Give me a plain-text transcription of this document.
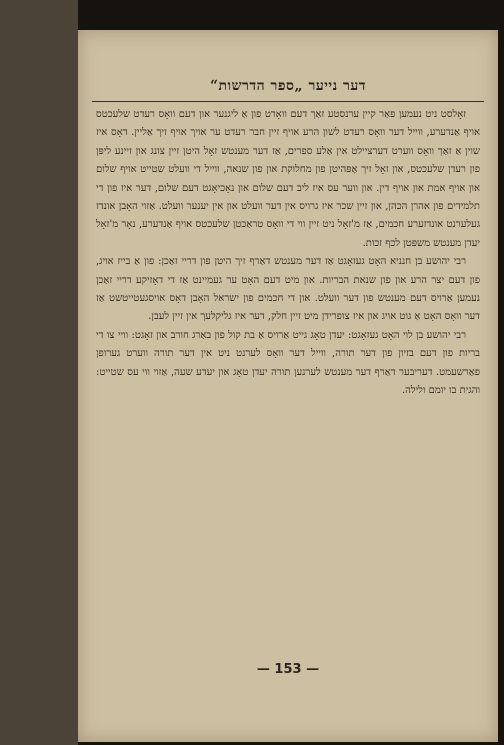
דער נייער „ספר הדרשות“

זאָלסט ניט נעמען פאַר קיין ערנסטע זאַך דעם וואָרט פון אַ ליגנער און דעם וואָס רעדט שלעכטס אויף אַנדערע, ווייל דער וואָס רעדט לשון הרע אויף זיין חבר רעדט ער אויך אויף זיך אַליין. דאָס איז שוין אַ זאַך וואָס ווערט דערציילט אין אַלע ספרים, אַז דער מענטש זאָל היטן זיין צונג און זיינע ליפּן פון רעדן שלעכטס, און זאָל זיך אָפּהיטן פון מחלוקת און פון שנאה, ווייל די וועלט שטייט אויף שלום און אויף אמת און אויף דין. און ווער עס איז ליב דעם שלום און נאָכיאָגט דעם שלום, דער איז פון די תלמידים פון אהרן הכהן, און זיין שכר איז גרויס אין דער וועלט און אין יענער וועלט. אַזוי האָבן אונדז געלערנט אונדזערע חכמים, אַז מ'זאָל ניט זיין ווי די וואָס טראַכטן שלעכטס אויף אַנדערע, נאָר מ'זאָל יעדן מענטש משפּטן לכף זכות.

רבי יהושע בן חנניא האָט געזאָגט אַז דער מענטש דאַרף זיך היטן פון דריי זאַכן: פון אַ בייז אויג, פון דעם יצר הרע און פון שנאת הבריות. און מיט דעם האָט ער געמיינט אַז די דאָזיקע דריי זאַכן נעמען אַרויס דעם מענטש פון דער וועלט. און די חכמים פון ישראל האָבן דאָס אויסגעטייטשט אַז דער וואָס האָט אַ גוט אויג און איז צופרידן מיט זיין חלק, דער איז גליקלעך אין זיין לעבן.

רבי יהושע בן לוי האָט געזאָגט: יעדן טאָג גייט אַרויס אַ בת קול פון באַרג חורב און זאָגט: וויי צו די בריות פון דעם בזיון פון דער תורה, ווייל דער וואָס לערנט ניט אין דער תורה ווערט גערופן פאַרשעמט. דעריבער דאַרף דער מענטש לערנען תורה יעדן טאָג און יעדע שעה, אַזוי ווי עס שטייט: והגית בו יומם ולילה.

— 153 —
